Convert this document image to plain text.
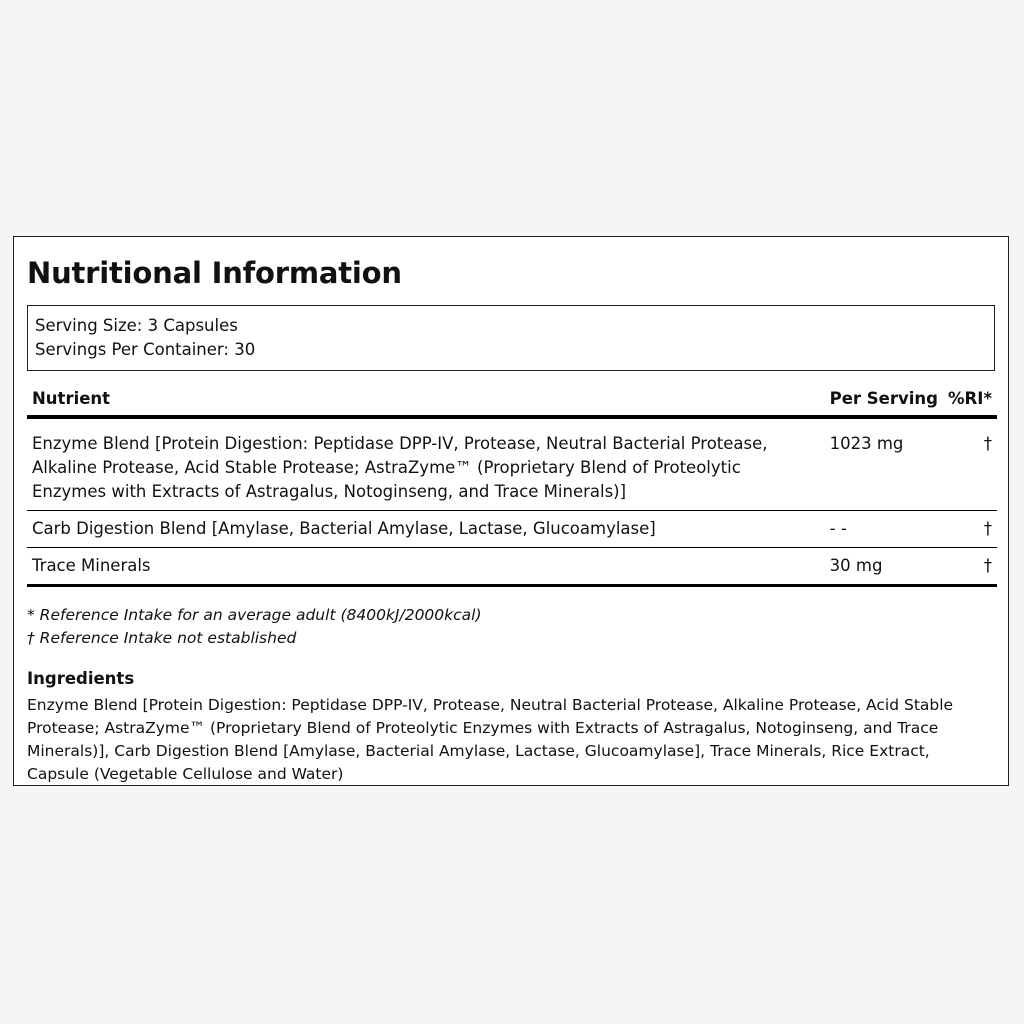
Nutritional Information
Serving Size: 3 Capsules
Servings Per Container: 30
Nutrient	Per Serving	%RI*
Enzyme Blend [Protein Digestion: Peptidase DPP-IV, Protease, Neutral Bacterial Protease, Alkaline Protease, Acid Stable Protease; AstraZyme™ (Proprietary Blend of Proteolytic Enzymes with Extracts of Astragalus, Notoginseng, and Trace Minerals)]	1023 mg	†
Carb Digestion Blend [Amylase, Bacterial Amylase, Lactase, Glucoamylase]	- -	†
Trace Minerals	30 mg	†
* Reference Intake for an average adult (8400kJ/2000kcal)
† Reference Intake not established
Ingredients
Enzyme Blend [Protein Digestion: Peptidase DPP-IV, Protease, Neutral Bacterial Protease, Alkaline Protease, Acid Stable Protease; AstraZyme™ (Proprietary Blend of Proteolytic Enzymes with Extracts of Astragalus, Notoginseng, and Trace Minerals)], Carb Digestion Blend [Amylase, Bacterial Amylase, Lactase, Glucoamylase], Trace Minerals, Rice Extract, Capsule (Vegetable Cellulose and Water)
